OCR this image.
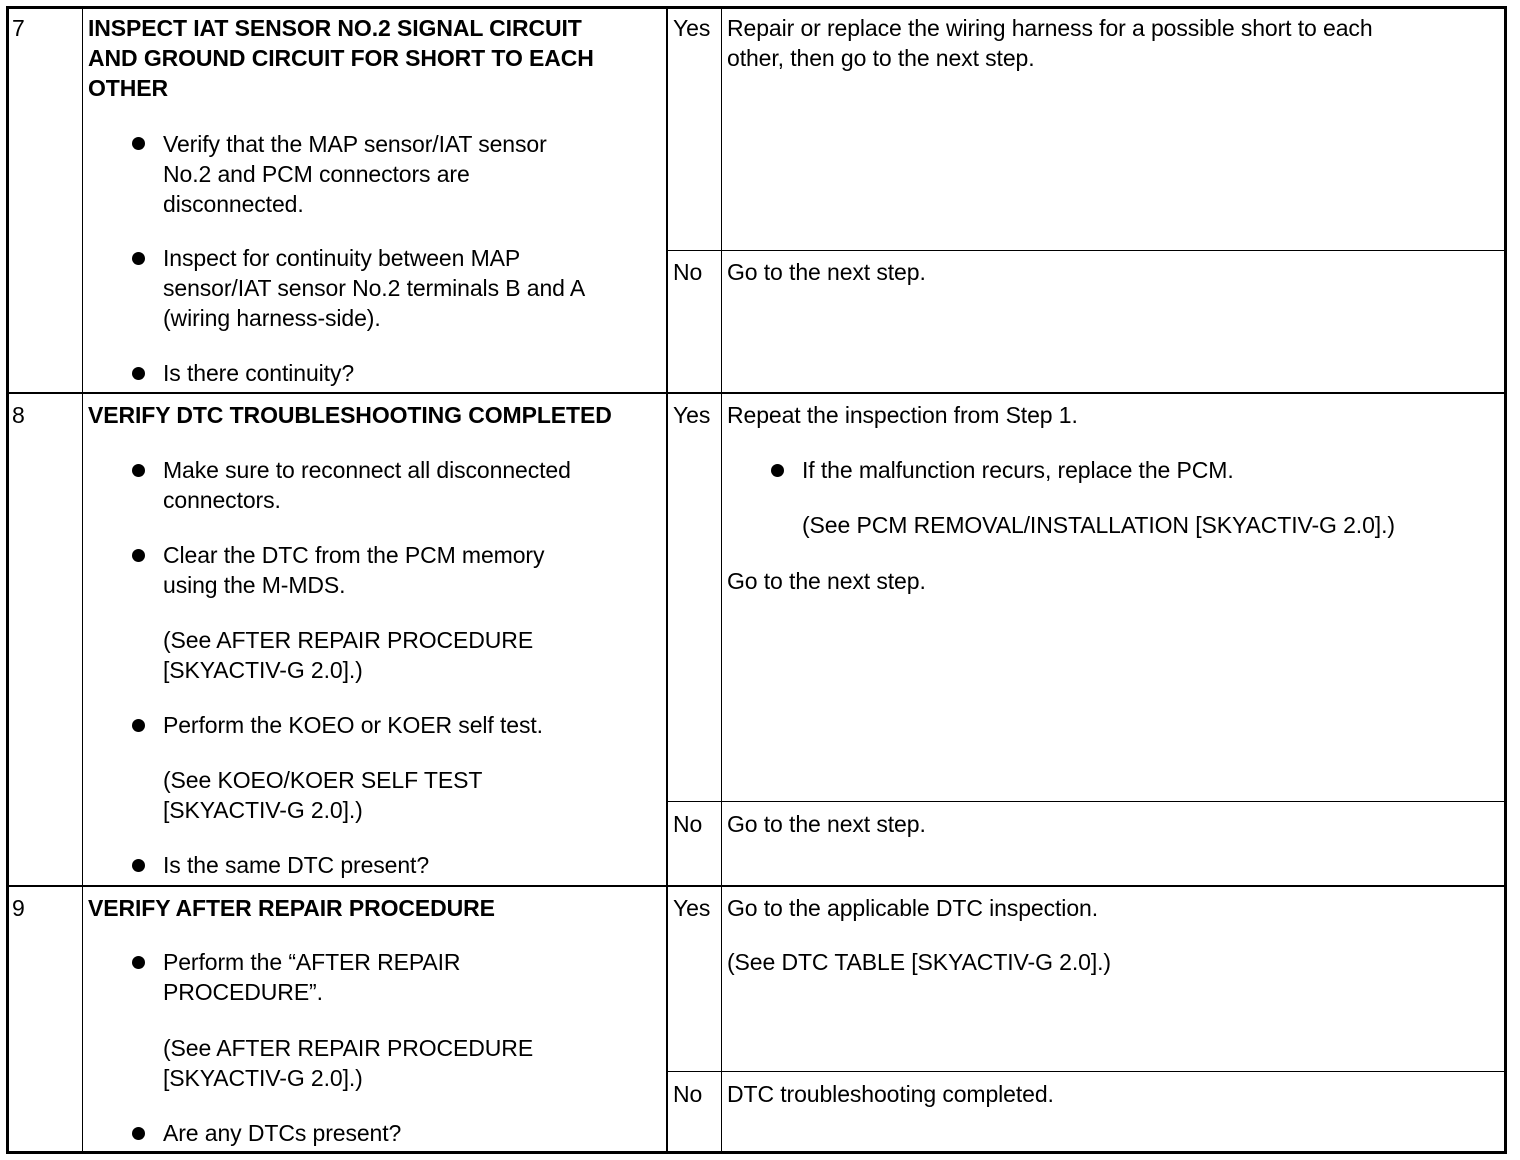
7	INSPECT IAT SENSOR NO.2 SIGNAL CIRCUIT
AND GROUND CIRCUIT FOR SHORT TO EACH
OTHER
Verify that the MAP sensor/IAT sensor
No.2 and PCM connectors are
disconnected.
Inspect for continuity between MAP
sensor/IAT sensor No.2 terminals B and A
(wiring harness-side).
Is there continuity?
Yes Repair or replace the wiring harness for a possible short to each
other, then go to the next step.
No Go to the next step.
8	VERIFY DTC TROUBLESHOOTING COMPLETED
Make sure to reconnect all disconnected
connectors.
Clear the DTC from the PCM memory
using the M-MDS.
(See AFTER REPAIR PROCEDURE
[SKYACTIV-G 2.0].)
Perform the KOEO or KOER self test.
(See KOEO/KOER SELF TEST
[SKYACTIV-G 2.0].)
Is the same DTC present?
Yes Repeat the inspection from Step 1.
If the malfunction recurs, replace the PCM.
(See PCM REMOVAL/INSTALLATION [SKYACTIV-G 2.0].)
Go to the next step.
No Go to the next step.
9	VERIFY AFTER REPAIR PROCEDURE
Perform the “AFTER REPAIR
PROCEDURE”.
(See AFTER REPAIR PROCEDURE
[SKYACTIV-G 2.0].)
Are any DTCs present?
Yes Go to the applicable DTC inspection.
(See DTC TABLE [SKYACTIV-G 2.0].)
No DTC troubleshooting completed.
